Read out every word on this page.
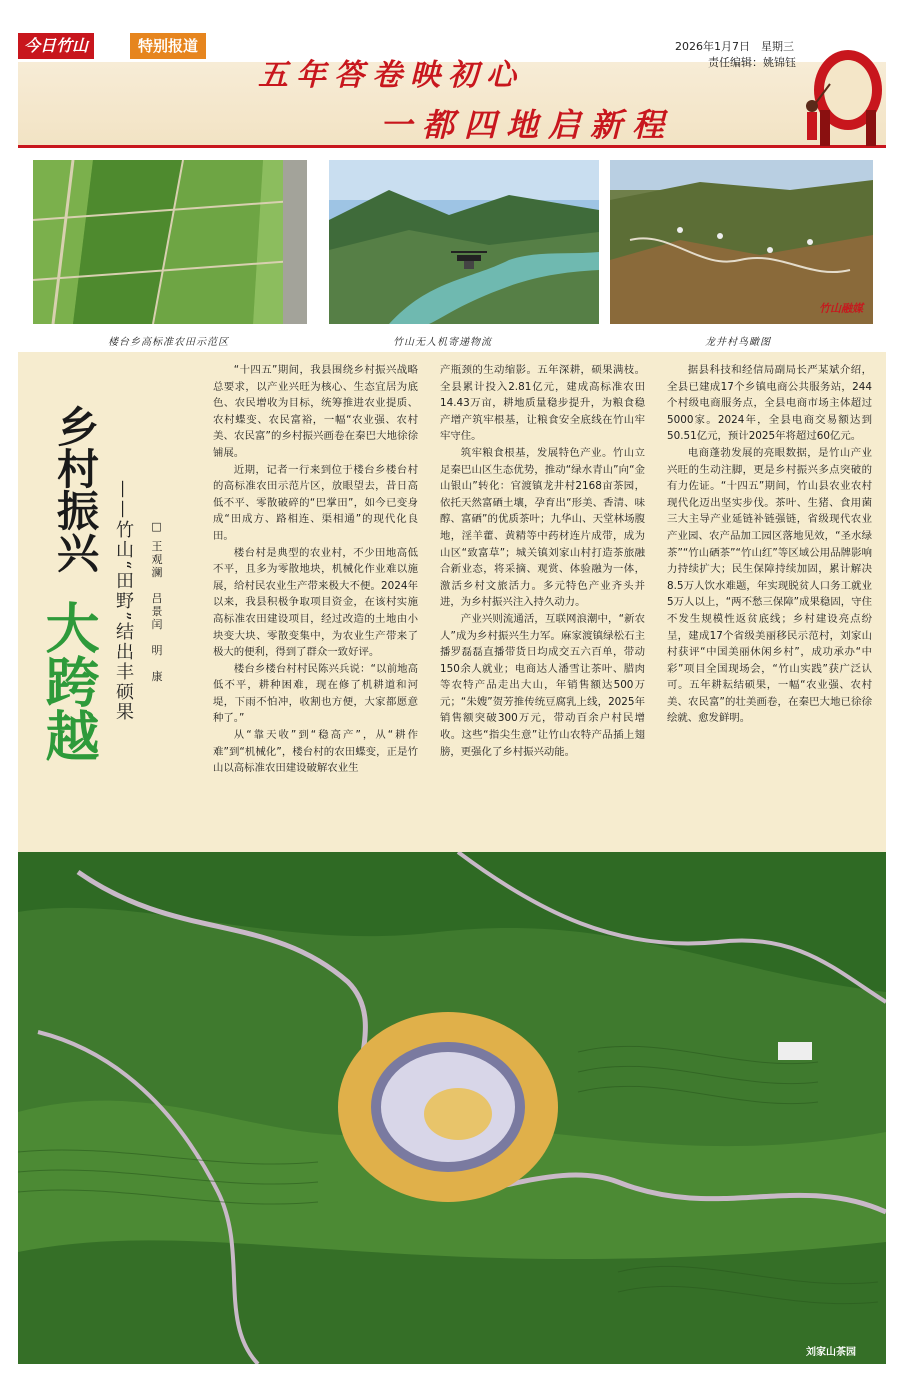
今日竹山	特别报道	2026年1月7日　星期三
责任编辑：姚锦钰
五年答卷映初心
一都四地启新程
竹山融媒
楼台乡高标准农田示范区	竹山无人机寄递物流	龙井村鸟瞰图
乡村振兴
大跨越 ——竹山“田野”结出丰硕果 □ 王观澜　吕景闰　明　康

“十四五”期间，我县围绕乡村振兴战略总要求，以产业兴旺为核心、生态宜居为底色、农民增收为目标，统筹推进农业提质、农村蝶变、农民富裕，一幅“农业强、农村美、农民富”的乡村振兴画卷在秦巴大地徐徐铺展。

近期，记者一行来到位于楼台乡楼台村的高标准农田示范片区，放眼望去，昔日高低不平、零散破碎的“巴掌田”，如今已变身成“田成方、路相连、渠相通”的现代化良田。

楼台村是典型的农业村，不少田地高低不平，且多为零散地块，机械化作业难以施展，给村民农业生产带来极大不便。2024年以来，我县积极争取项目资金，在该村实施高标准农田建设项目，经过改造的土地由小块变大块、零散变集中，为农业生产带来了极大的便利，得到了群众一致好评。

楼台乡楼台村村民陈兴兵说：“以前地高低不平，耕种困难，现在修了机耕道和河堤，下雨不怕冲，收割也方便，大家都愿意种了。”

从“靠天收”到“稳高产”，从“耕作难”到“机械化”，楼台村的农田蝶变，正是竹山以高标准农田建设破解农业生

产瓶颈的生动缩影。五年深耕，硕果满枝。全县累计投入2.81亿元，建成高标准农田14.43万亩，耕地质量稳步提升，为粮食稳产增产筑牢根基，让粮食安全底线在竹山牢牢守住。

筑牢粮食根基，发展特色产业。竹山立足秦巴山区生态优势，推动“绿水青山”向“金山银山”转化：官渡镇龙井村2168亩茶园，依托天然富硒土壤，孕育出“形美、香清、味醇、富硒”的优质茶叶；九华山、天堂林场腹地，淫羊藿、黄精等中药材连片成带，成为山区“致富草”；城关镇刘家山村打造茶旅融合新业态，将采摘、观赏、体验融为一体，激活乡村文旅活力。多元特色产业齐头并进，为乡村振兴注入持久动力。

产业兴则流通活，互联网浪潮中，“新农人”成为乡村振兴生力军。麻家渡镇绿松石主播罗磊磊直播带货日均成交五六百单，带动150余人就业；电商达人潘雪让茶叶、腊肉等农特产品走出大山，年销售额达500万元；“朱嫂”贺芳推传统豆腐乳上线，2025年销售额突破300万元，带动百余户村民增收。这些“指尖生意”让竹山农特产品插上翅膀，更强化了乡村振兴动能。

据县科技和经信局副局长严某斌介绍，全县已建成17个乡镇电商公共服务站，244个村级电商服务点，全县电商市场主体超过5000家。2024年，全县电商交易额达到50.51亿元，预计2025年将超过60亿元。

电商蓬勃发展的亮眼数据，是竹山产业兴旺的生动注脚，更是乡村振兴多点突破的有力佐证。“十四五”期间，竹山县农业农村现代化迈出坚实步伐。茶叶、生猪、食用菌三大主导产业延链补链强链，省级现代农业产业园、农产品加工园区落地见效，“圣水绿茶”“竹山硒茶”“竹山红”等区域公用品牌影响力持续扩大；民生保障持续加固，累计解决8.5万人饮水难题，年实现脱贫人口务工就业5万人以上，“两不愁三保障”成果稳固，守住不发生规模性返贫底线；乡村建设亮点纷呈，建成17个省级美丽移民示范村，刘家山村获评“中国美丽休闲乡村”，成功承办“中彩”项目全国现场会，“竹山实践”获广泛认可。五年耕耘结硕果，一幅“农业强、农村美、农民富”的壮美画卷，在秦巴大地已徐徐绘就、愈发鲜明。

刘家山茶园
